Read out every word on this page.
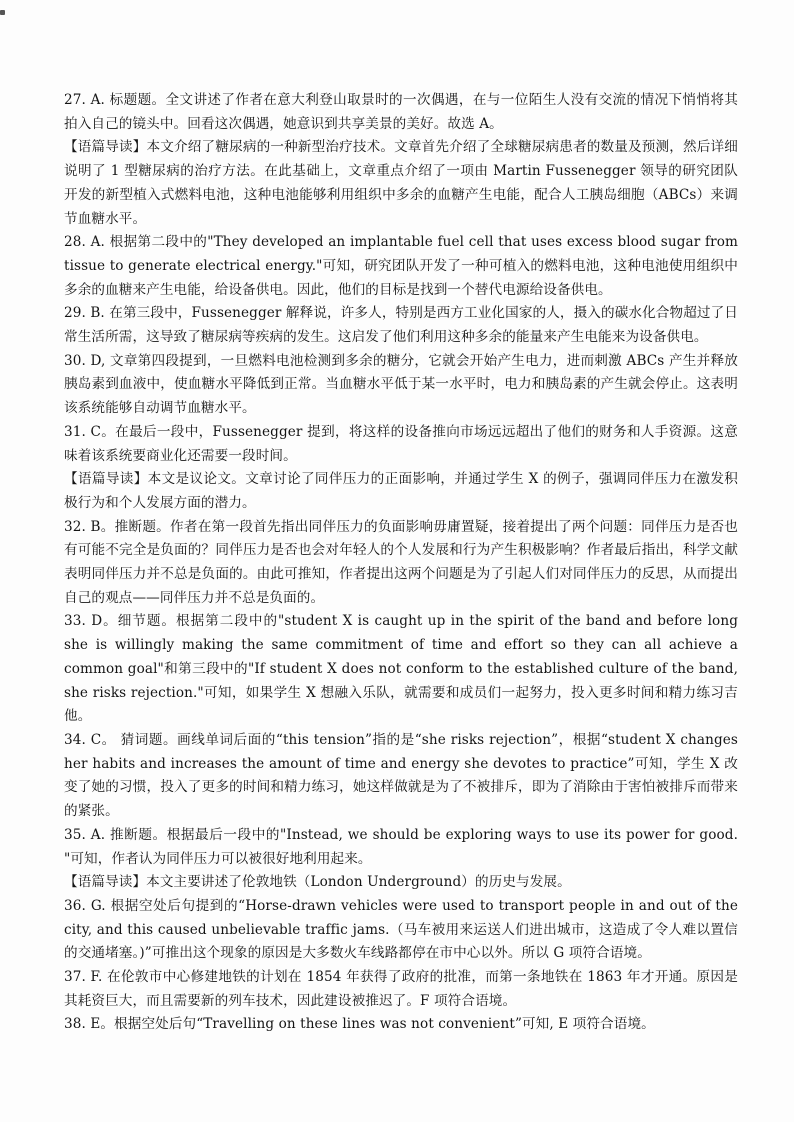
27. A. 标题题。全文讲述了作者在意大利登山取景时的一次偶遇，在与一位陌生人没有交流的情况下悄悄将其拍入自己的镜头中。回看这次偶遇，她意识到共享美景的美好。故选 A。

【语篇导读】本文介绍了糖尿病的一种新型治疗技术。文章首先介绍了全球糖尿病患者的数量及预测，然后详细说明了 1 型糖尿病的治疗方法。在此基础上，文章重点介绍了一项由 Martin Fussenegger 领导的研究团队开发的新型植入式燃料电池，这种电池能够利用组织中多余的血糖产生电能，配合人工胰岛细胞（ABCs）来调节血糖水平。

28. A. 根据第二段中的"They developed an implantable fuel cell that uses excess blood sugar from tissue to generate electrical energy."可知，研究团队开发了一种可植入的燃料电池，这种电池使用组织中多余的血糖来产生电能，给设备供电。因此，他们的目标是找到一个替代电源给设备供电。

29. B. 在第三段中，Fussenegger 解释说，许多人，特别是西方工业化国家的人，摄入的碳水化合物超过了日常生活所需，这导致了糖尿病等疾病的发生。这启发了他们利用这种多余的能量来产生电能来为设备供电。

30. D, 文章第四段提到，一旦燃料电池检测到多余的糖分，它就会开始产生电力，进而刺激 ABCs 产生并释放胰岛素到血液中，使血糖水平降低到正常。当血糖水平低于某一水平时，电力和胰岛素的产生就会停止。这表明该系统能够自动调节血糖水平。

31. C。在最后一段中，Fussenegger 提到，将这样的设备推向市场远远超出了他们的财务和人手资源。这意味着该系统要商业化还需要一段时间。

【语篇导读】本文是议论文。文章讨论了同伴压力的正面影响，并通过学生 X 的例子，强调同伴压力在激发积极行为和个人发展方面的潜力。

32. B。推断题。作者在第一段首先指出同伴压力的负面影响毋庸置疑，接着提出了两个问题：同伴压力是否也有可能不完全是负面的？同伴压力是否也会对年轻人的个人发展和行为产生积极影响？作者最后指出，科学文献表明同伴压力并不总是负面的。由此可推知，作者提出这两个问题是为了引起人们对同伴压力的反思，从而提出自己的观点——同伴压力并不总是负面的。

33. D。细节题。根据第二段中的"student X is caught up in the spirit of the band and before long she is willingly making the same commitment of time and effort so they can all achieve a common goal"和第三段中的"If student X does not conform to the established culture of the band, she risks rejection."可知，如果学生 X 想融入乐队，就需要和成员们一起努力，投入更多时间和精力练习吉他。

34. C。 猜词题。画线单词后面的“this tension”指的是“she risks rejection”，根据“student X changes her habits and increases the amount of time and energy she devotes to practice”可知，学生 X 改变了她的习惯，投入了更多的时间和精力练习，她这样做就是为了不被排斥，即为了消除由于害怕被排斥而带来的紧张。

35. A. 推断题。根据最后一段中的"Instead, we should be exploring ways to use its power for good. "可知，作者认为同伴压力可以被很好地利用起来。

【语篇导读】本文主要讲述了伦敦地铁（London Underground）的历史与发展。

36. G. 根据空处后句提到的“Horse-drawn vehicles were used to transport people in and out of the city, and this caused unbelievable traffic jams.（马车被用来运送人们进出城市，这造成了令人难以置信的交通堵塞。)”可推出这个现象的原因是大多数火车线路都停在市中心以外。所以 G 项符合语境。

37. F. 在伦敦市中心修建地铁的计划在 1854 年获得了政府的批准，而第一条地铁在 1863 年才开通。原因是其耗资巨大，而且需要新的列车技术，因此建设被推迟了。F 项符合语境。

38. E。根据空处后句“Travelling on these lines was not convenient”可知, E 项符合语境。
